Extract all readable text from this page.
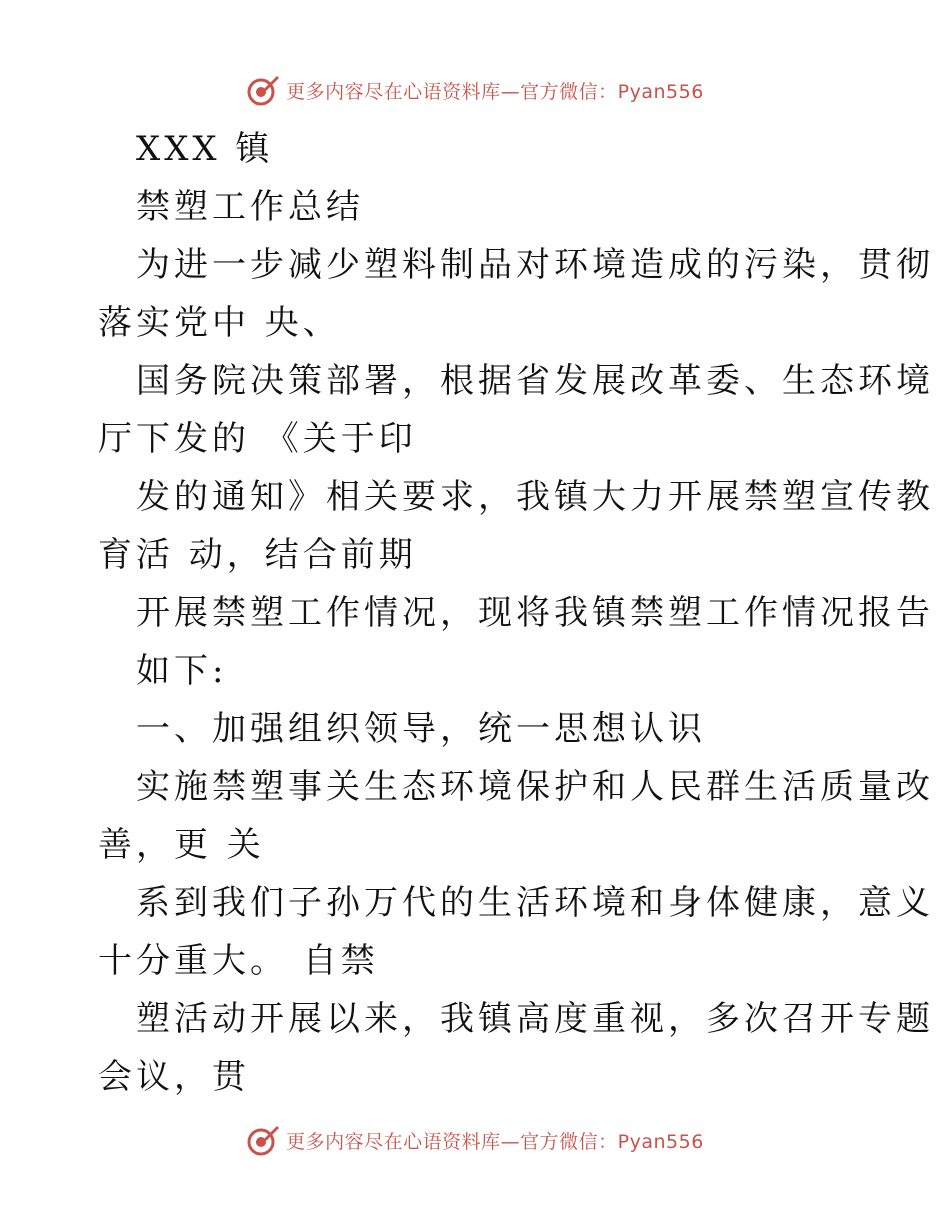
更多内容尽在心语资料库—官方微信：Pyan556
XXX 镇
禁塑工作总结
为进一步减少塑料制品对环境造成的污染，贯彻
落实党中 央、
国务院决策部署，根据省发展改革委、生态环境
厅下发的 《关于印
发的通知》相关要求，我镇大力开展禁塑宣传教
育活 动，结合前期
开展禁塑工作情况，现将我镇禁塑工作情况报告
如下:
一、加强组织领导，统一思想认识
实施禁塑事关生态环境保护和人民群生活质量改
善，更 关
系到我们子孙万代的生活环境和身体健康，意义
十分重大。 自禁
塑活动开展以来，我镇高度重视，多次召开专题
会议，贯
更多内容尽在心语资料库—官方微信：Pyan556
